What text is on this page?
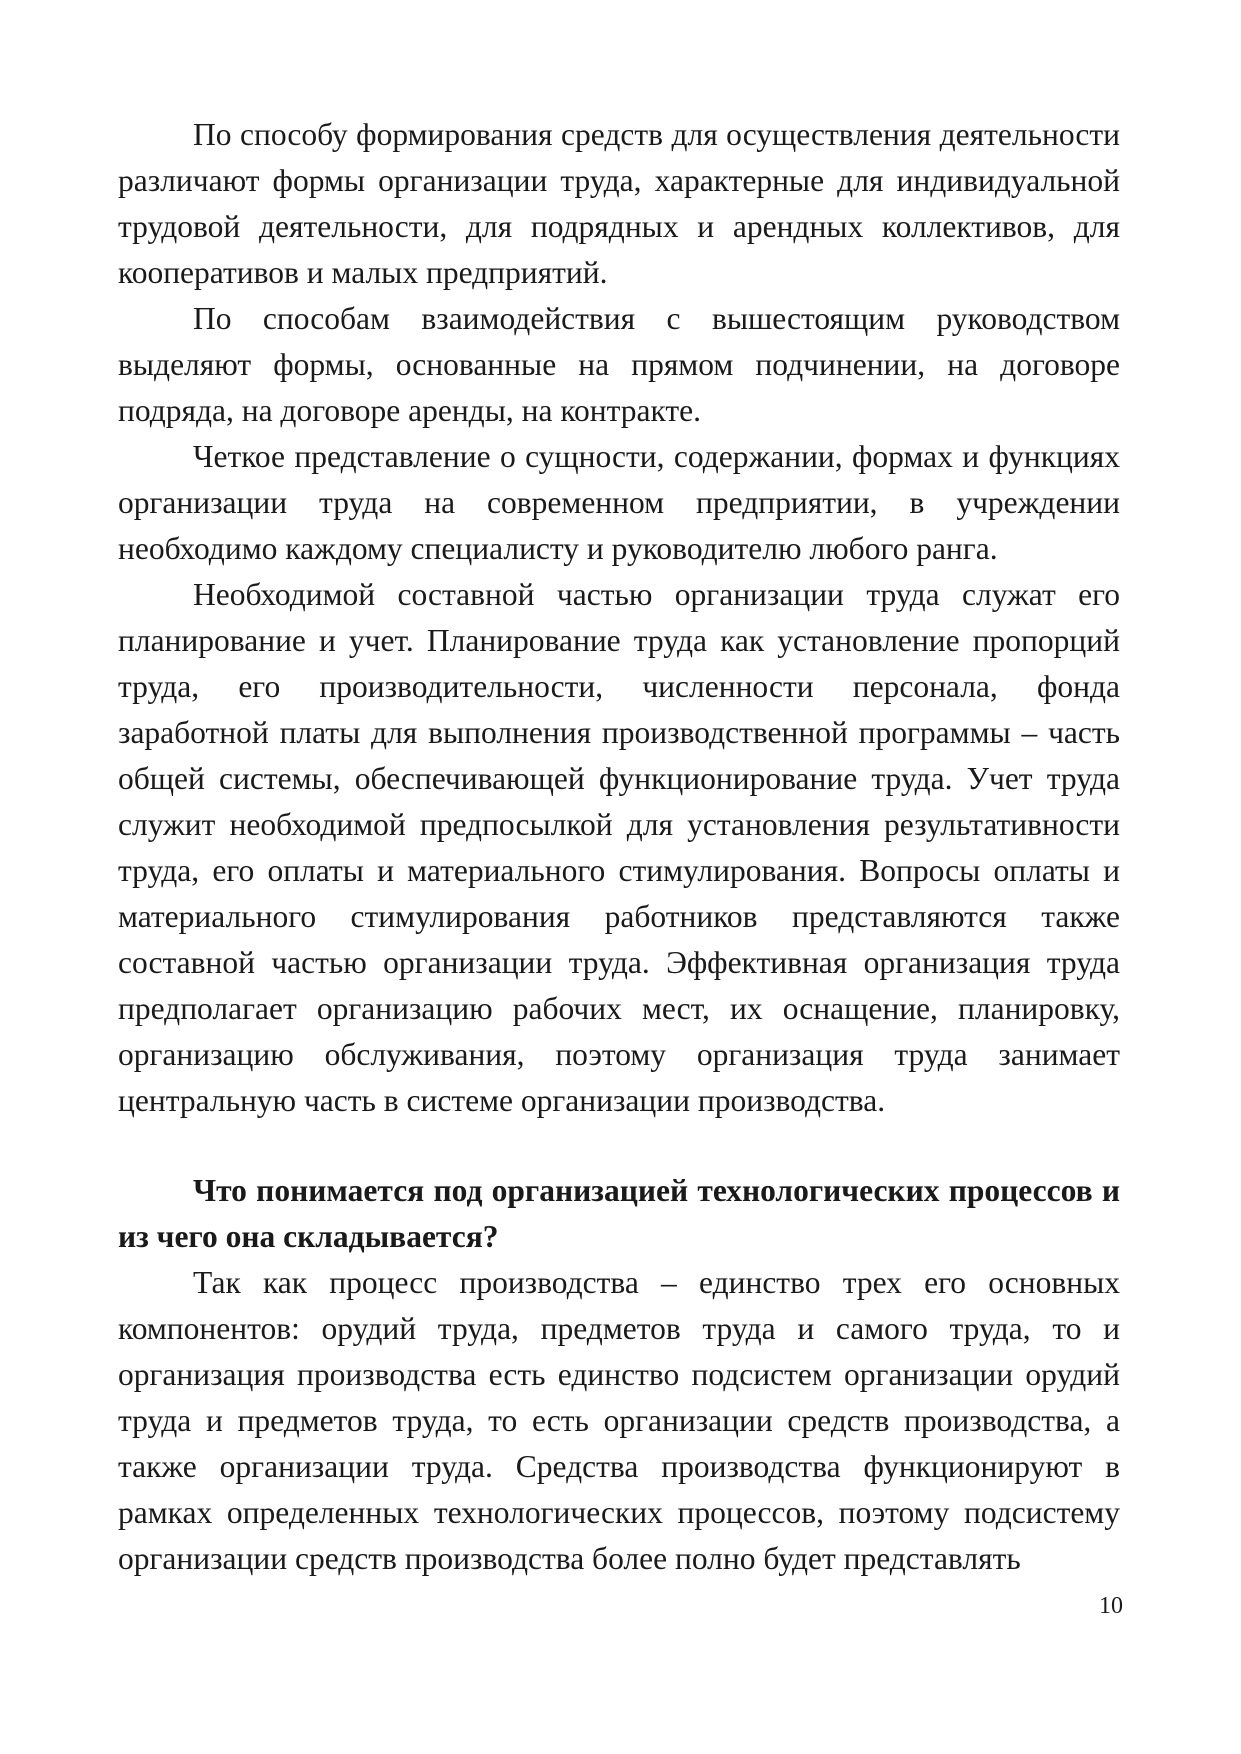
По способу формирования средств для осуществления деятельности различают формы организации труда, характерные для индивидуальной трудовой деятельности, для подрядных и арендных коллективов, для кооперативов и малых предприятий.

По способам взаимодействия с вышестоящим руководством выделяют формы, основанные на прямом подчинении, на договоре подряда, на договоре аренды, на контракте.

Четкое представление о сущности, содержании, формах и функциях организации труда на современном предприятии, в учреждении необходимо каждому специалисту и руководителю любого ранга.

Необходимой составной частью организации труда служат его планирование и учет. Планирование труда как установление пропорций труда, его производительности, численности персонала, фонда заработной платы для выполнения производственной программы – часть общей системы, обеспечивающей функционирование труда. Учет труда служит необходимой предпосылкой для установления результативности труда, его оплаты и материального стимулирования. Вопросы оплаты и материального стимулирования работников представляются также составной частью организации труда. Эффективная организация труда предполагает организацию рабочих мест, их оснащение, планировку, организацию обслуживания, поэтому организация труда занимает центральную часть в системе организации производства.

Что понимается под организацией технологических процессов и из чего она складывается?

Так как процесс производства – единство трех его основных компонентов: орудий труда, предметов труда и самого труда, то и организация производства есть единство подсистем организации орудий труда и предметов труда, то есть организации средств производства, а также организации труда. Средства производства функционируют в рамках определенных технологических процессов, поэтому подсистему организации средств производства более полно будет представлять

10
